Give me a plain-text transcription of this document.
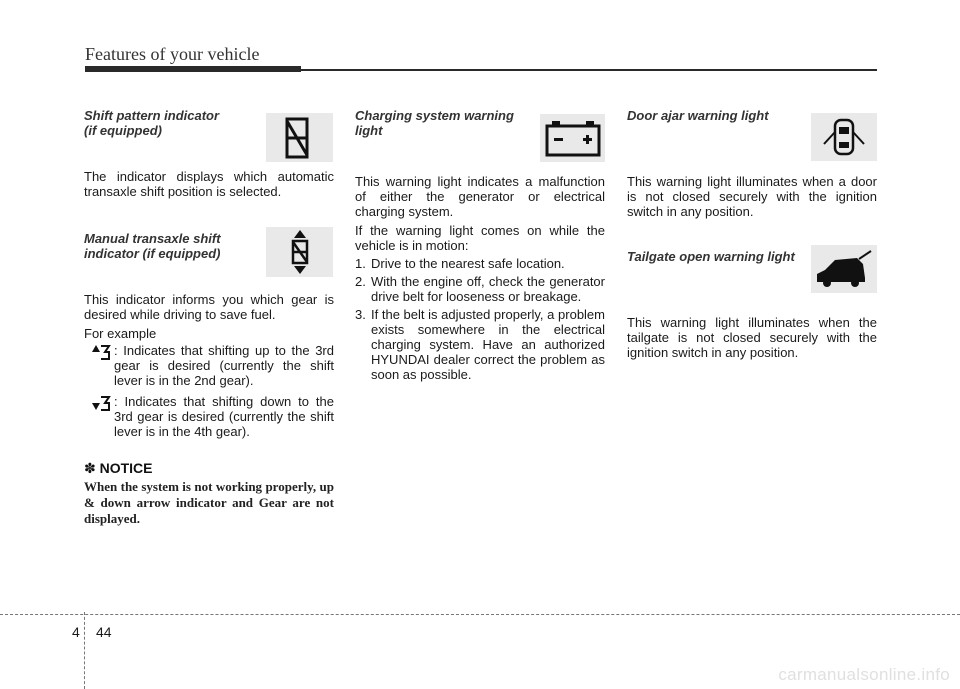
Features of your vehicle
Shift pattern indicator
(if equipped)

The indicator displays which automatic transaxle shift position is selected.

Manual transaxle shift
indicator (if equipped)

This indicator informs you which gear is desired while driving to save fuel.

For example

: Indicates that shifting up to the 3rd gear is desired (currently the shift lever is in the 2nd gear).

: Indicates that shifting down to the 3rd gear is desired (currently the shift lever is in the 4th gear).

✽ NOTICE
When the system is not working properly, up & down arrow indicator and Gear are not displayed.
Charging system warning
light

This warning light indicates a malfunction of either the generator or electrical charging system.

If the warning light comes on while the vehicle is in motion:

1. Drive to the nearest safe location.
2. With the engine off, check the generator drive belt for looseness or breakage.
3. If the belt is adjusted properly, a problem exists somewhere in the electrical charging system. Have an authorized HYUNDAI dealer correct the problem as soon as possible.
Door ajar warning light

This warning light illuminates when a door is not closed securely with the ignition switch in any position.

Tailgate open warning light

This warning light illuminates when the tailgate is not closed securely with the ignition switch in any position.

4 44
carmanualsonline.info
